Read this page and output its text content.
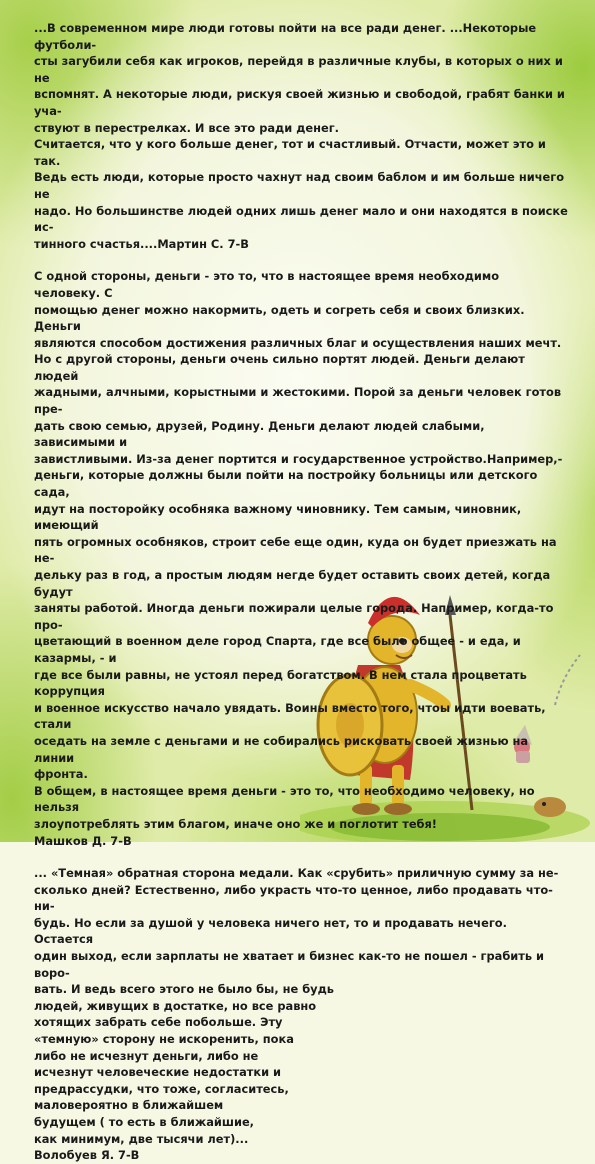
...В современном мире люди готовы пойти на все ради денег. ...Некоторые футболи-
сты загубили себя как игроков, перейдя в различные клубы, в которых о них и не
вспомнят. А некоторые люди, рискуя своей жизнью и свободой, грабят банки и уча-
ствуют в перестрелках. И все это ради денег.
Считается, что у кого больше денег, тот и счастливый. Отчасти, может это и так.
Ведь есть люди, которые просто чахнут над своим баблом и им больше ничего не
надо. Но большинстве людей одних лишь денег мало и они находятся в поиске ис-
тинного счастья....Мартин С. 7-В

С одной стороны, деньги - это то, что в настоящее время необходимо человеку. С
помощью денег можно накормить, одеть и согреть себя и своих близких. Деньги
являются способом достижения различных благ и осуществления наших мечт.
Но с другой стороны, деньги очень сильно портят людей. Деньги делают людей
жадными, алчными, корыстными и жестокими. Порой за деньги человек готов пре-
дать свою семью, друзей, Родину. Деньги делают людей слабыми, зависимыми и
завистливыми. Из-за денег портится и государственное устройство.Например,-
деньги, которые должны были пойти на постройку больницы или детского сада,
идут на посторойку особняка важному чиновнику. Тем самым, чиновник, имеющий
пять огромных особняков, строит себе еще один, куда он будет приезжать на не-
дельку раз в год, а простым людям негде будет оставить своих детей, когда будут
заняты работой. Иногда деньги пожирали целые города. Например, когда-то про-
цветающий в военном деле город Спарта, где все было общее - и еда, и казармы, - и
где все были равны, не устоял перед богатством. В нем стала процветать коррупция
и военное искусство начало увядать. Воины вместо того, чтоы идти воевать, стали
оседать на земле с деньгами и не собирались рисковать своей жизнью на линии
фронта.
В общем, в настоящее время деньги - это то, что необходимо человеку, но нельзя
злоупотреблять этим благом, иначе оно же и поглотит тебя!

Машков Д. 7-В

... «Темная» обратная сторона медали. Как «срубить» приличную сумму за не-
сколько дней? Естественно, либо украсть что-то ценное, либо продавать что-ни-
будь. Но если за душой у человека ничего нет, то и продавать нечего. Остается
один выход, если зарплаты не хватает и бизнес как-то не пошел - грабить и воро-
вать. И ведь всего этого не было бы, не будь
людей, живущих в достатке, но все равно
хотящих забрать себе побольше. Эту
«темную» сторону не искоренить, пока
либо не исчезнут деньги, либо не
исчезнут человеческие недостатки и
предрассудки, что тоже, согласитесь,
маловероятно в ближайшем
будущем ( то есть в ближайшие,
как минимум, две тысячи лет)...

Волобуев Я. 7-В
